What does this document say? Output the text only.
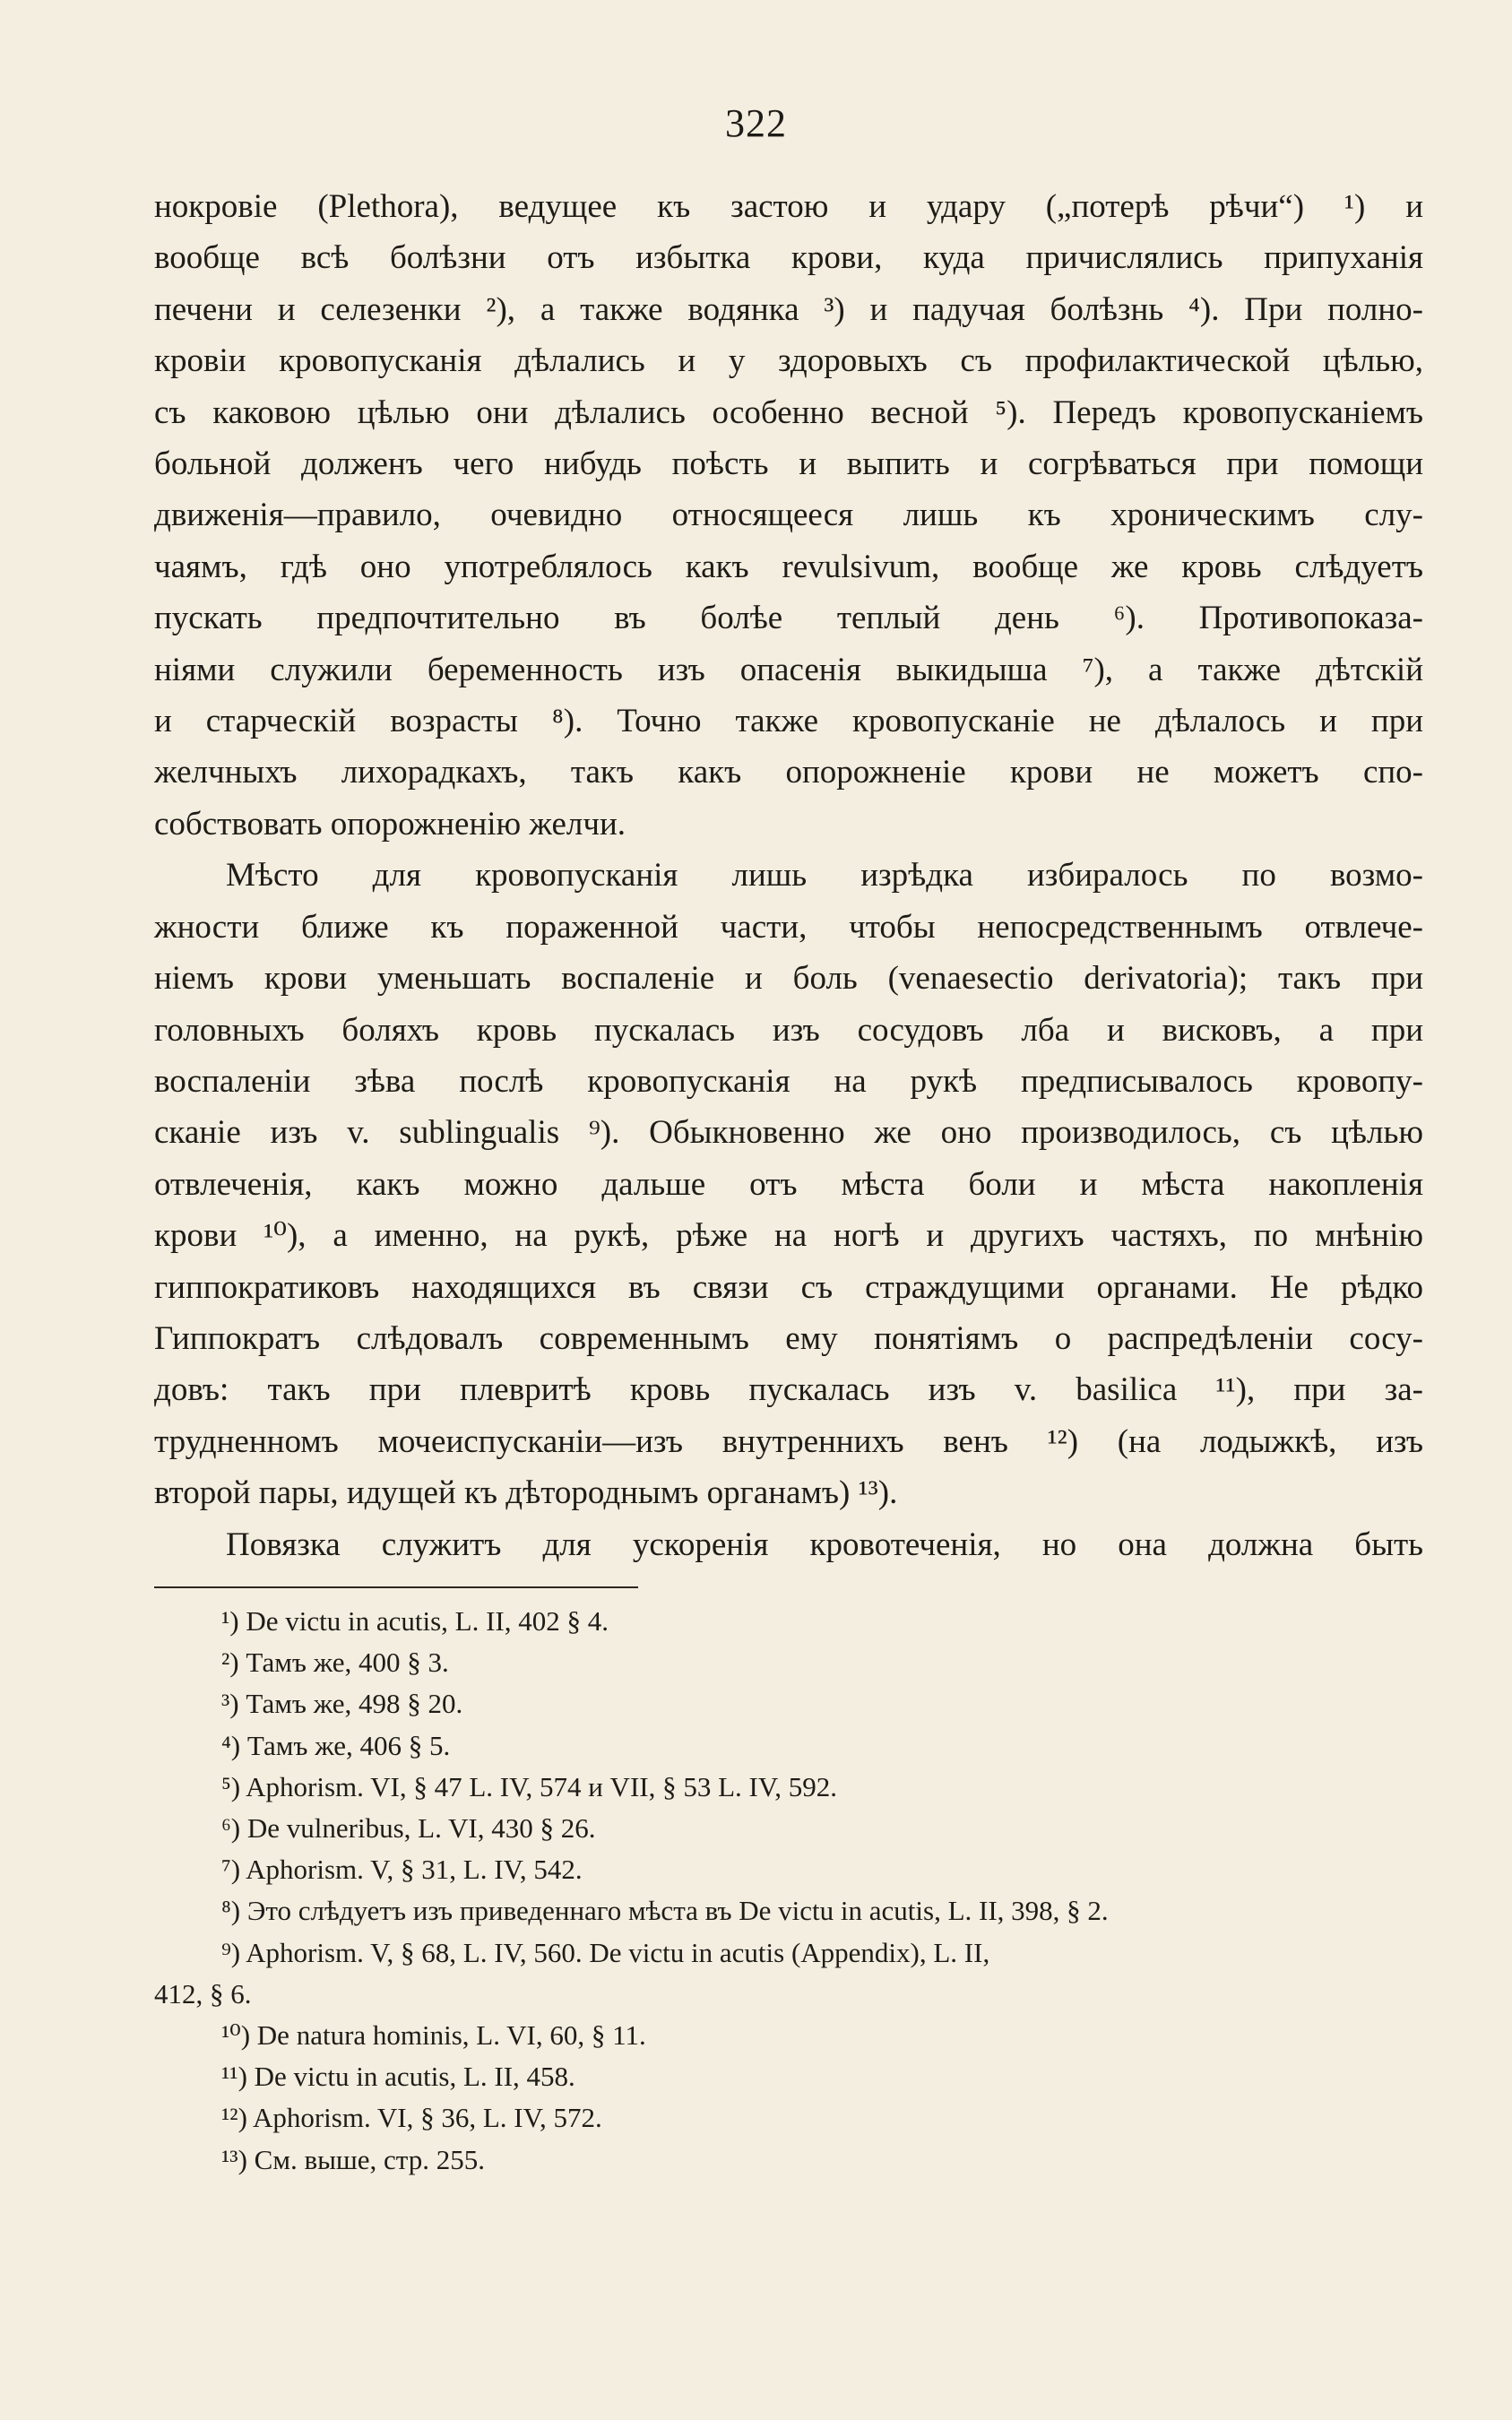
322
нокровіе (Plethora), ведущее къ застою и удару („потерѣ рѣчи“) ¹) и
вообще всѣ болѣзни отъ избытка крови, куда причислялись припуханія
печени и селезенки ²), а также водянка ³) и падучая болѣзнь ⁴). При полно-
кровіи кровопусканія дѣлались и у здоровыхъ съ профилактической цѣлью,
съ каковою цѣлью они дѣлались особенно весной ⁵). Передъ кровопусканіемъ
больной долженъ чего нибудь поѣсть и выпить и согрѣваться при помощи
движенія—правило, очевидно относящееся лишь къ хроническимъ слу-
чаямъ, гдѣ оно употреблялось какъ revulsivum, вообще же кровь слѣдуетъ
пускать предпочтительно въ болѣе теплый день ⁶). Противопоказа-
ніями служили беременность изъ опасенія выкидыша ⁷), а также дѣтскій
и старческій возрасты ⁸). Точно также кровопусканіе не дѣлалось и при
желчныхъ лихорадкахъ, такъ какъ опорожненіе крови не можетъ спо-
собствовать опорожненію желчи.
Мѣсто для кровопусканія лишь изрѣдка избиралось по возмо-
жности ближе къ пораженной части, чтобы непосредственнымъ отвлече-
ніемъ крови уменьшать воспаленіе и боль (venaesectio derivatoria); такъ при
головныхъ боляхъ кровь пускалась изъ сосудовъ лба и висковъ, а при
воспаленіи зѣва послѣ кровопусканія на рукѣ предписывалось кровопу-
сканіе изъ v. sublingualis ⁹). Обыкновенно же оно производилось, съ цѣлью
отвлеченія, какъ можно дальше отъ мѣста боли и мѣста накопленія
крови ¹⁰), а именно, на рукѣ, рѣже на ногѣ и другихъ частяхъ, по мнѣнію
гиппократиковъ находящихся въ связи съ страждущими органами. Не рѣдко
Гиппократъ слѣдовалъ современнымъ ему понятіямъ о распредѣленіи сосу-
довъ: такъ при плевритѣ кровь пускалась изъ v. basilica ¹¹), при за-
трудненномъ мочеиспусканіи—изъ внутреннихъ венъ ¹²) (на лодыжкѣ, изъ
второй пары, идущей къ дѣтороднымъ органамъ) ¹³).
Повязка служитъ для ускоренія кровотеченія, но она должна быть
¹) De victu in acutis, L. II, 402 § 4.
²) Тамъ же, 400 § 3.
³) Тамъ же, 498 § 20.
⁴) Тамъ же, 406 § 5.
⁵) Aphorism. VI, § 47 L. IV, 574 и VII, § 53 L. IV, 592.
⁶) De vulneribus, L. VI, 430 § 26.
⁷) Aphorism. V, § 31, L. IV, 542.
⁸) Это слѣдуетъ изъ приведеннаго мѣста въ De victu in acutis, L. II, 398, § 2.
⁹) Aphorism. V, § 68, L. IV, 560. De victu in acutis (Appendix), L. II,
412, § 6.
¹⁰) De natura hominis, L. VI, 60, § 11.
¹¹) De victu in acutis, L. II, 458.
¹²) Aphorism. VI, § 36, L. IV, 572.
¹³) См. выше, стр. 255.
